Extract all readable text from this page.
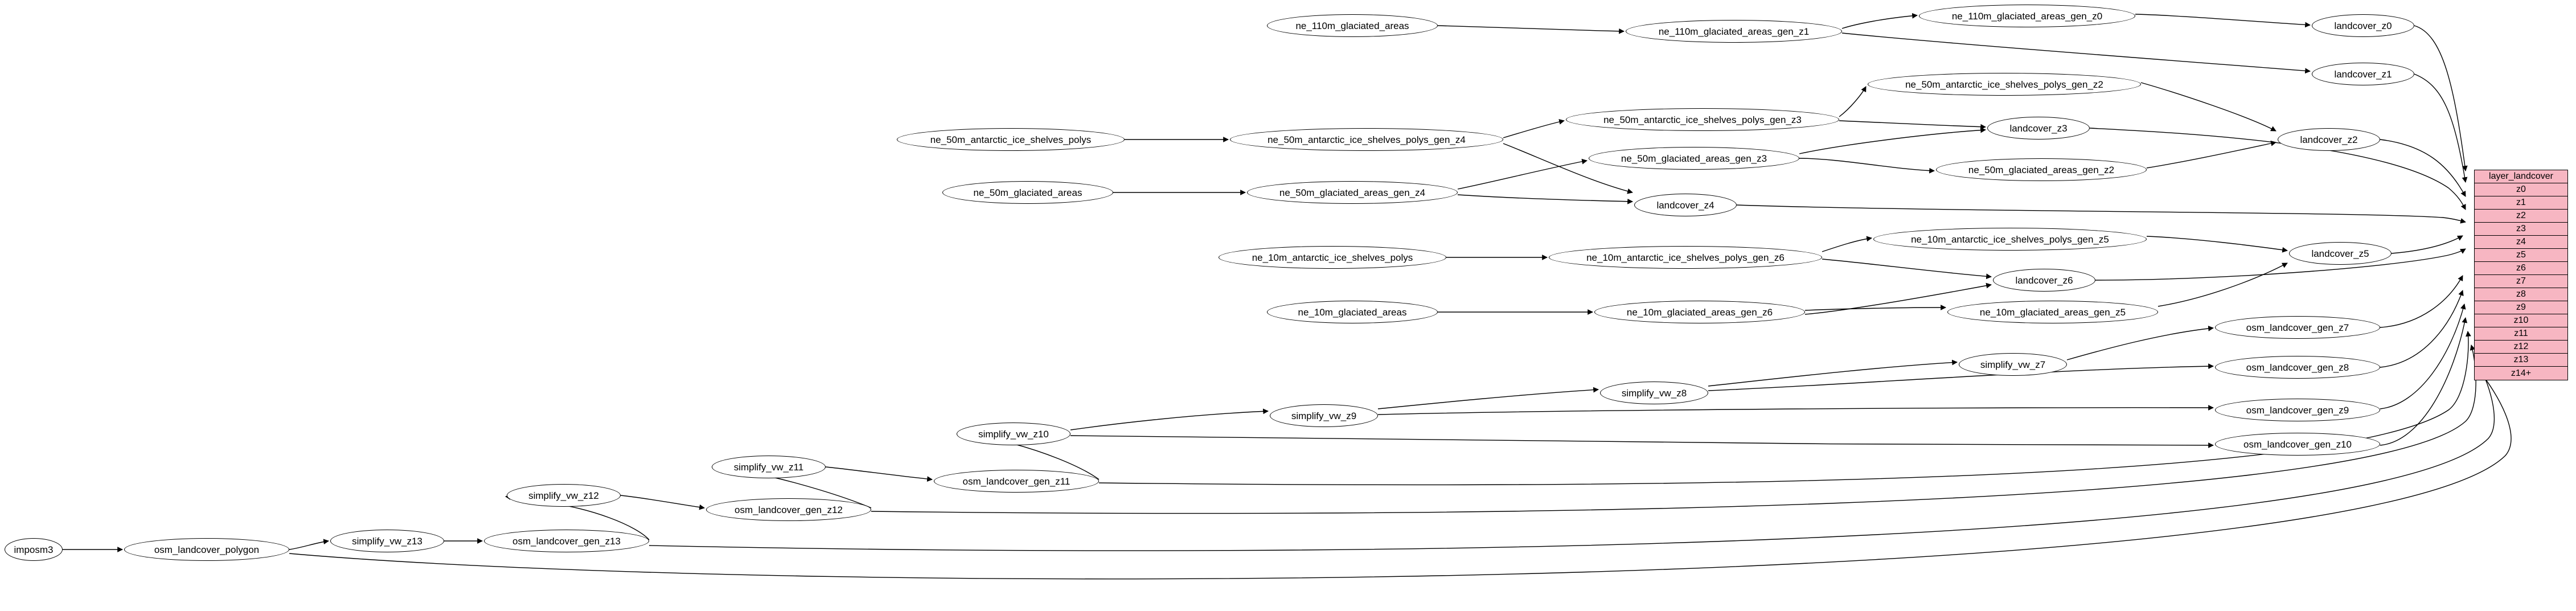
imposm3	osm_landcover_polygon
simplify_vw_z13	osm_landcover_gen_z13
simplify_vw_z12
osm_landcover_gen_z12
simplify_vw_z11
osm_landcover_gen_z11
simplify_vw_z10
simplify_vw_z9
simplify_vw_z8
simplify_vw_z7
osm_landcover_gen_z10
osm_landcover_gen_z9
osm_landcover_gen_z8
osm_landcover_gen_z7
ne_110m_glaciated_areas
ne_110m_glaciated_areas_gen_z1
ne_110m_glaciated_areas_gen_z0
landcover_z0
landcover_z1
ne_50m_antarctic_ice_shelves_polys_gen_z2
ne_50m_antarctic_ice_shelves_polys_gen_z3
ne_50m_antarctic_ice_shelves_polys	ne_50m_antarctic_ice_shelves_polys_gen_z4
landcover_z3
landcover_z2
ne_50m_glaciated_areas_gen_z3
ne_50m_glaciated_areas_gen_z2
ne_50m_glaciated_areas	ne_50m_glaciated_areas_gen_z4
landcover_z4
ne_10m_antarctic_ice_shelves_polys_gen_z5
ne_10m_antarctic_ice_shelves_polys	ne_10m_antarctic_ice_shelves_polys_gen_z6
landcover_z6
landcover_z5
ne_10m_glaciated_areas	ne_10m_glaciated_areas_gen_z6	ne_10m_glaciated_areas_gen_z5
layer_landcover
z0
z1
z2
z3
z4
z5
z6
z7
z8
z9
z10
z11
z12
z13
z14+
